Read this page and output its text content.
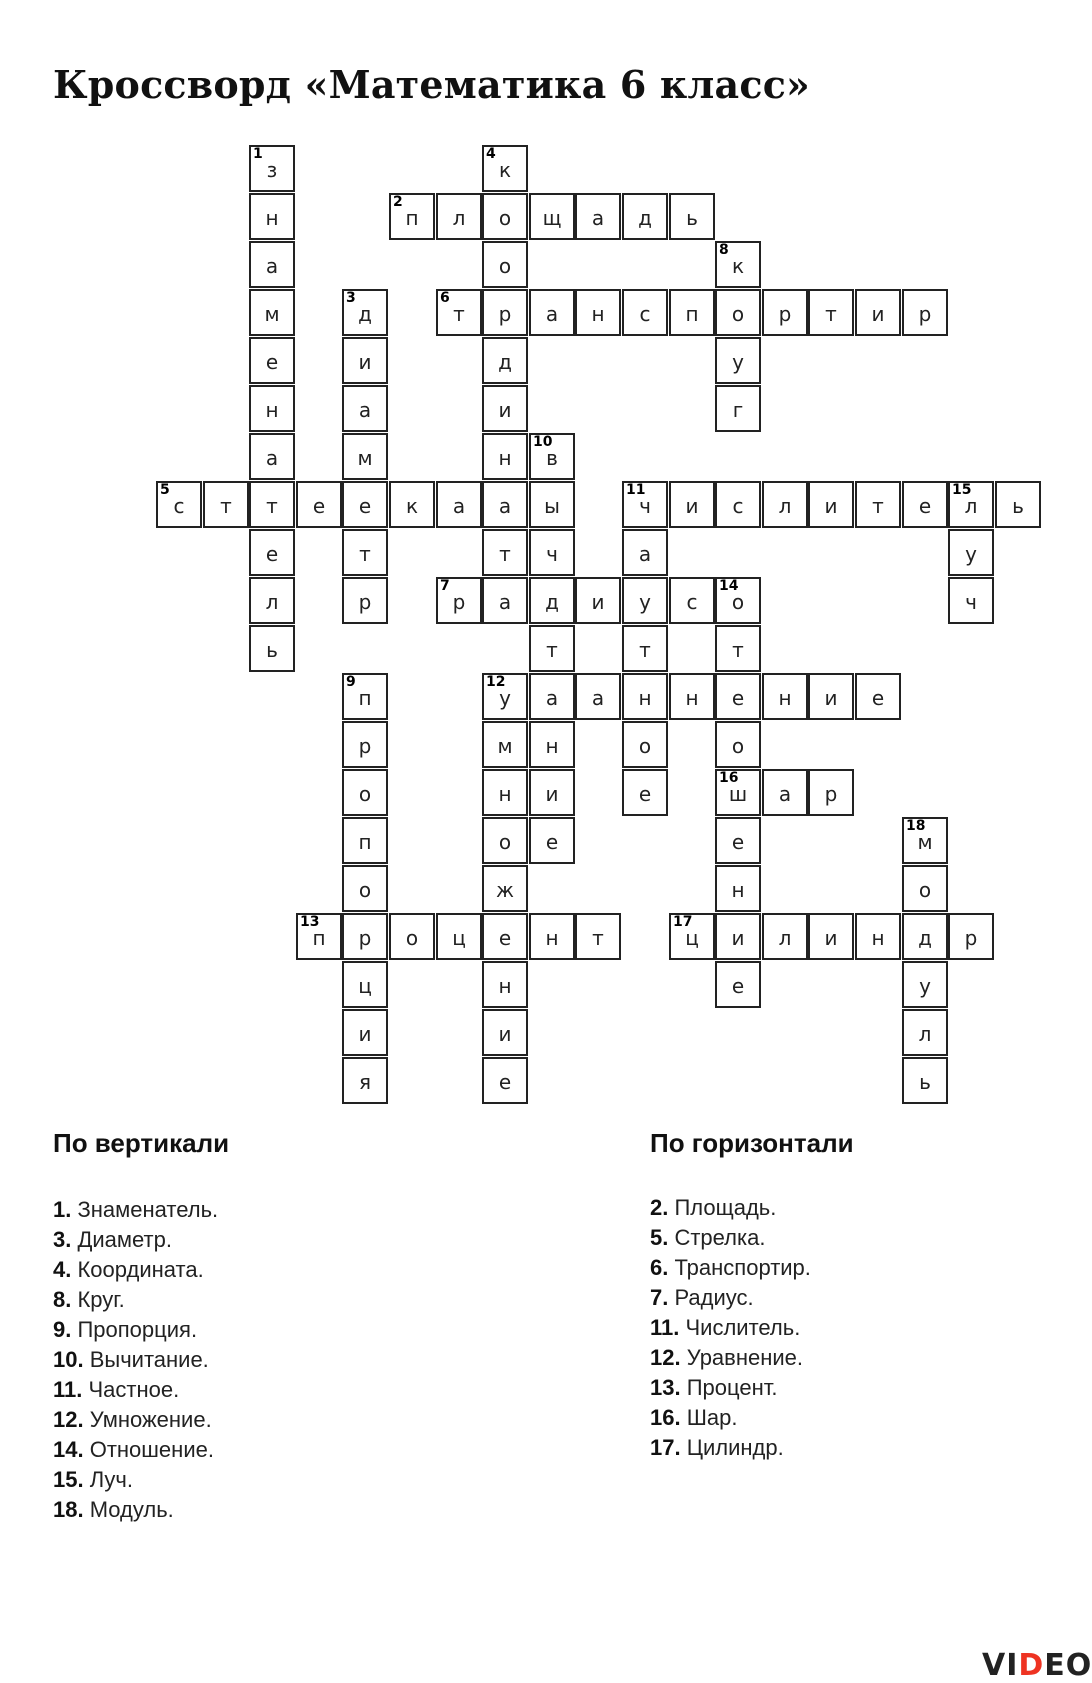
Кроссворд «Математика 6 класс»
1
з
н
а
м
е
н
а
т
е
л
ь
2
п л о щ а д ь
3
д
и
а
м
е
т
р
4
к
о
р
д
и
н
а
т
а
5
с т	е	к а
6
т	а н с п о р т и р
7
р	д и у с
8
к
у
г
9
п
р
о
п
о
р
ц
и
я
10
в
ы
ч
т
а
н
и
е
11
ч и с л и т е
15
л ь
а
т
н
о
е
12
у	а	н е н и е
м
н
о
ж
е
н
и
е
13
п	о ц	н т
14
о
т
о
16
ш
е
н
и
е
у
ч
а р
17
ц	л и н д р
18
м
о
у
л
ь
По вертикали
1. Знаменатель.
3. Диаметр.
4. Координата.
8. Круг.
9. Пропорция.
10. Вычитание.
11. Частное.
12. Умножение.
14. Отношение.
15. Луч.
18. Модуль.
По горизонтали
2. Площадь.
5. Стрелка.
6. Транспортир.
7. Радиус.
11. Числитель.
12. Уравнение.
13. Процент.
16. Шар.
17. Цилиндр.
VIDEO
